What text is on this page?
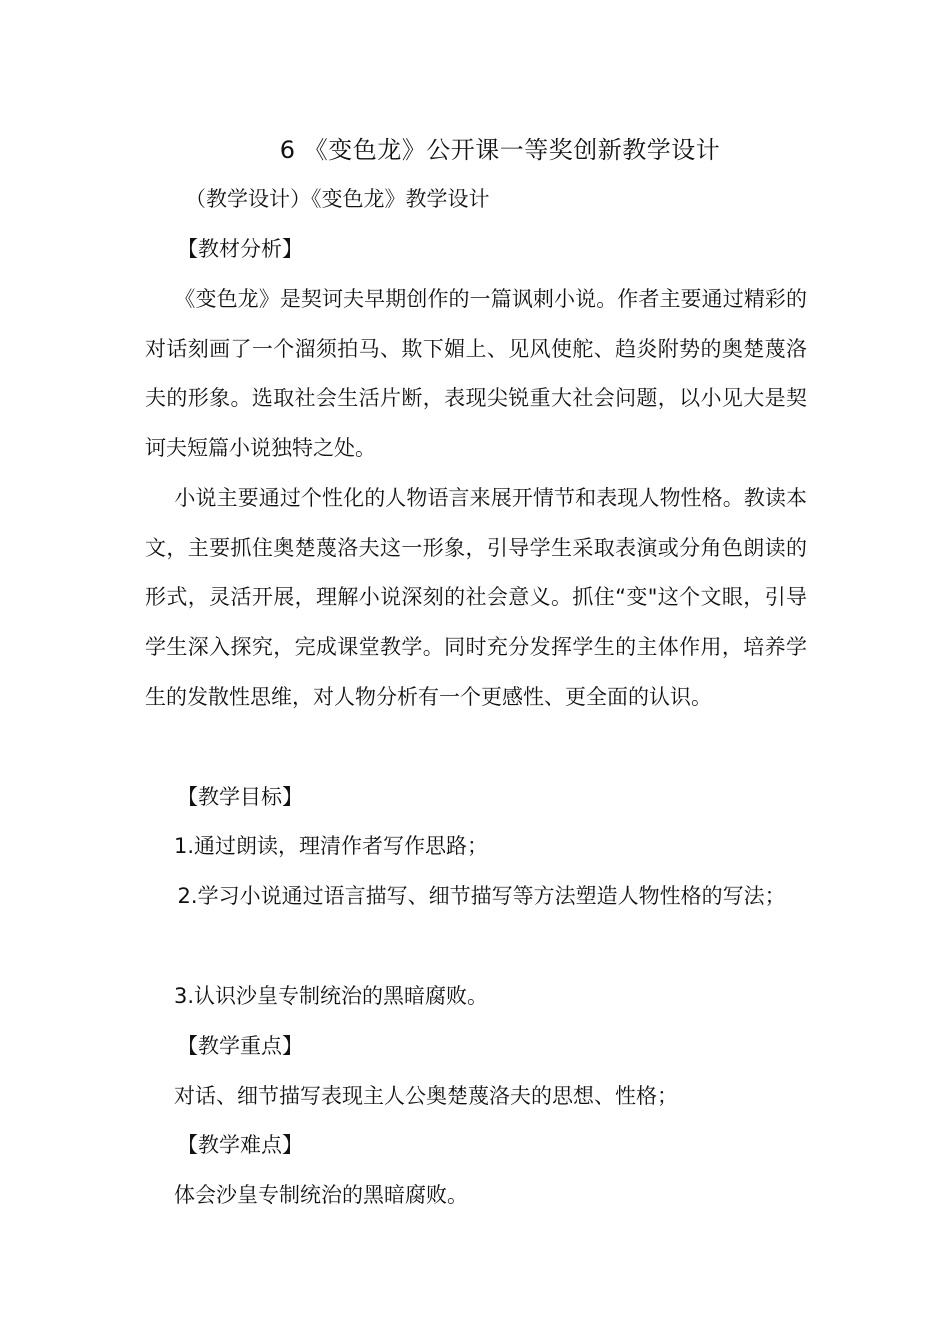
6 《变色龙》公开课一等奖创新教学设计

（教学设计）《变色龙》教学设计

【教材分析】

《变色龙》是契诃夫早期创作的一篇讽刺小说。作者主要通过精彩的对话刻画了一个溜须拍马、欺下媚上、见风使舵、趋炎附势的奥楚蔑洛夫的形象。选取社会生活片断，表现尖锐重大社会问题，以小见大是契诃夫短篇小说独特之处。

小说主要通过个性化的人物语言来展开情节和表现人物性格。教读本文，主要抓住奥楚蔑洛夫这一形象，引导学生采取表演或分角色朗读的形式，灵活开展，理解小说深刻的社会意义。抓住“变"这个文眼，引导学生深入探究，完成课堂教学。同时充分发挥学生的主体作用，培养学生的发散性思维，对人物分析有一个更感性、更全面的认识。

【教学目标】

1.通过朗读，理清作者写作思路；

2.学习小说通过语言描写、细节描写等方法塑造人物性格的写法；

3.认识沙皇专制统治的黑暗腐败。

【教学重点】

对话、细节描写表现主人公奥楚蔑洛夫的思想、性格；

【教学难点】

体会沙皇专制统治的黑暗腐败。
